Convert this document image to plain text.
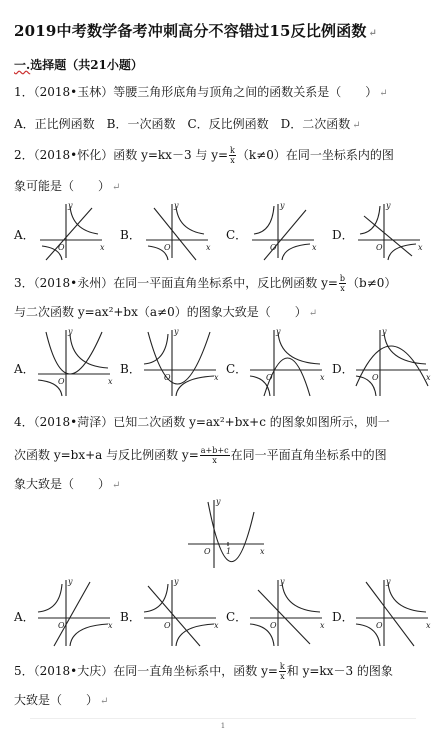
2019中考数学备考冲刺高分不容错过15反比例函数 ↵
一.选择题（共21小题）
1．（2018•玉林）等腰三角形底角与顶角之间的函数关系是（　　） ↵
A．正比例函数　B．一次函数　C．反比例函数　D．二次函数 ↵
2．（2018•怀化）函数 y=kx－3 与 $y= \frac{k}{x} (k\ne 0)$在同一坐标系内的图
象可能是（　　） ↵
A．
x
y
O
B．
x
y
O
C．
x
y
O
D．
x
y
O
3．（2018•永州）在同一平面直角坐标系中，反比例函数 $y= \frac{b}{x} (b\ne 0)$
与二次函数 y=ax²+bx（a≠0）的图象大致是（　　） ↵
A．
x
y
O
B．
x
y
O
C．
x
y
O
D．
x
y
O
4．（2018•菏泽）已知二次函数 y=ax²+bx+c 的图象如图所示，则一
次函数 y=bx+a 与反比例函数 $y= \frac{a+b+c}{x}$ 在同一平面直角坐标系中的图
象大致是（　　） ↵
x
y
O 1
A．
x
y
O
B．
x
y
O
C．
x
y
O
D．
x
y
O
5．（2018•大庆）在同一直角坐标系中，函数 $y= \frac{k}{x}$ 和 y=kx－3 的图象
大致是（　　） ↵
1
